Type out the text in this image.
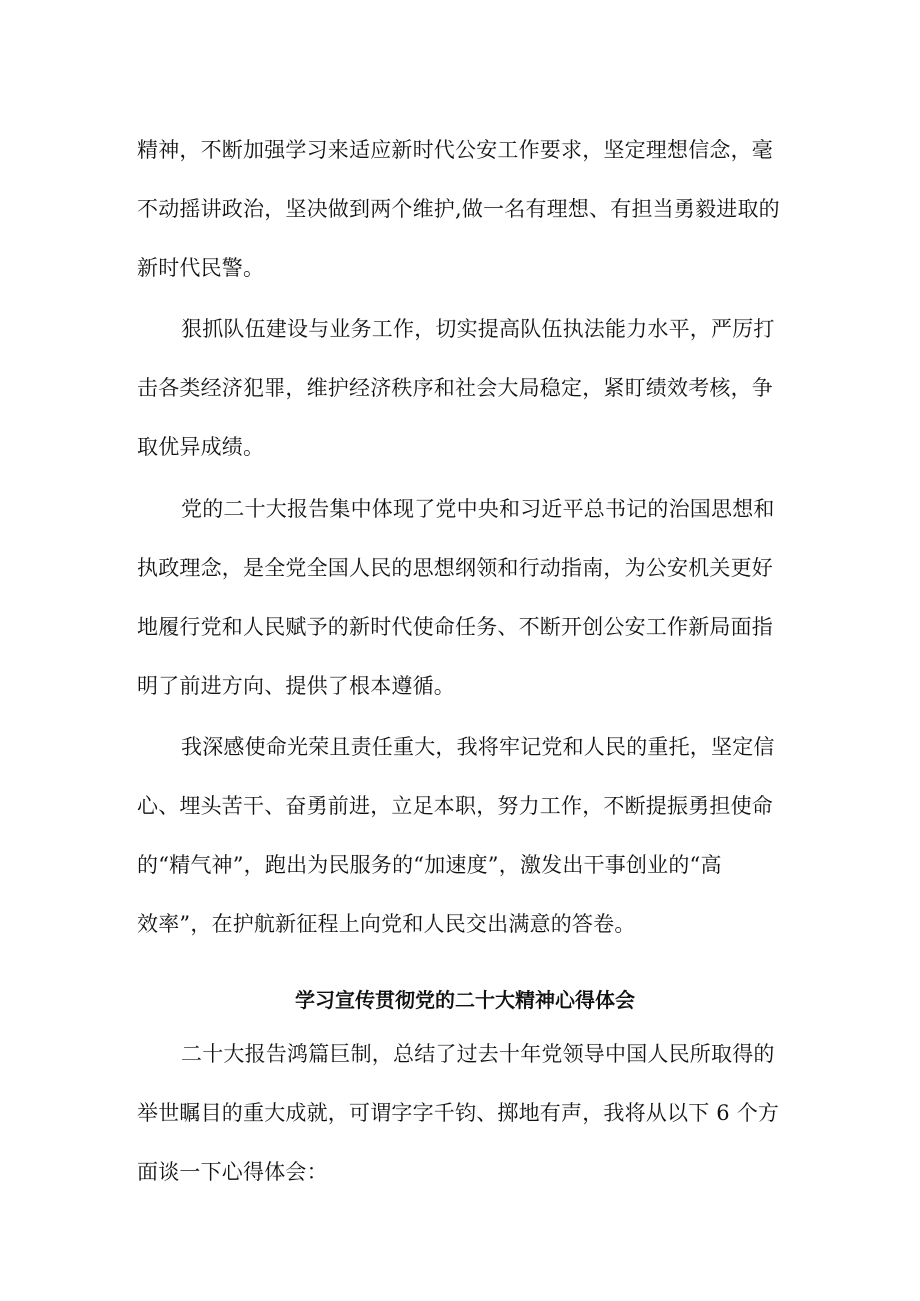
精神，不断加强学习来适应新时代公安工作要求，坚定理想信念，毫
不动摇讲政治，坚决做到两个维护,做一名有理想、有担当勇毅进取的
新时代民警。
狠抓队伍建设与业务工作，切实提高队伍执法能力水平，严厉打
击各类经济犯罪，维护经济秩序和社会大局稳定，紧盯绩效考核，争
取优异成绩。
党的二十大报告集中体现了党中央和习近平总书记的治国思想和
执政理念，是全党全国人民的思想纲领和行动指南，为公安机关更好
地履行党和人民赋予的新时代使命任务、不断开创公安工作新局面指
明了前进方向、提供了根本遵循。
我深感使命光荣且责任重大，我将牢记党和人民的重托，坚定信
心、埋头苦干、奋勇前进，立足本职，努力工作，不断提振勇担使命
的“精气神”，跑出为民服务的“加速度”，激发出干事创业的“高
效率”，在护航新征程上向党和人民交出满意的答卷。
学习宣传贯彻党的二十大精神心得体会
二十大报告鸿篇巨制，总结了过去十年党领导中国人民所取得的
举世瞩目的重大成就，可谓字字千钧、掷地有声，我将从以下 6 个方
面谈一下心得体会：
